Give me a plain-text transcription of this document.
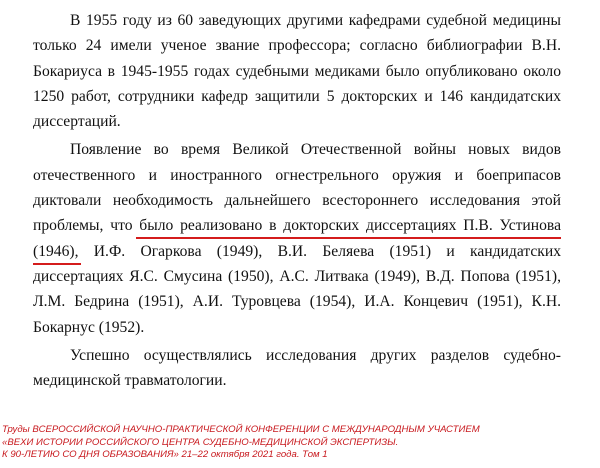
В 1955 году из 60 заведующих другими кафедрами судебной медицины
только 24 имели ученое звание профессора; согласно библиографии В.Н.
Бокариуса в 1945-1955 годах судебными медиками было опубликовано около
1250 работ, сотрудники кафедр защитили 5 докторских и 146 кандидатских
диссертаций.
Появление во время Великой Отечественной войны новых видов
отечественного и иностранного огнестрельного оружия и боеприпасов
диктовали необходимость дальнейшего всестороннего исследования этой
проблемы, что было реализовано в докторских диссертациях П.В. Устинова
(1946), И.Ф. Огаркова (1949), В.И. Беляева (1951) и кандидатских
диссертациях Я.С. Смусина (1950), А.С. Литвака (1949), В.Д. Попова (1951),
Л.М. Бедрина (1951), А.И. Туровцева (1954), И.А. Концевич (1951), К.Н.
Бокарнус (1952).
Успешно осуществлялись исследования других разделов судебно-
медицинской травматологии.
Труды ВСЕРОССИЙСКОЙ НАУЧНО-ПРАКТИЧЕСКОЙ КОНФЕРЕНЦИИ С МЕЖДУНАРОДНЫМ УЧАСТИЕМ
«ВЕХИ ИСТОРИИ РОССИЙСКОГО ЦЕНТРА СУДЕБНО-МЕДИЦИНСКОЙ ЭКСПЕРТИЗЫ.
К 90-ЛЕТИЮ СО ДНЯ ОБРАЗОВАНИЯ» 21–22 октября 2021 года. Том 1
